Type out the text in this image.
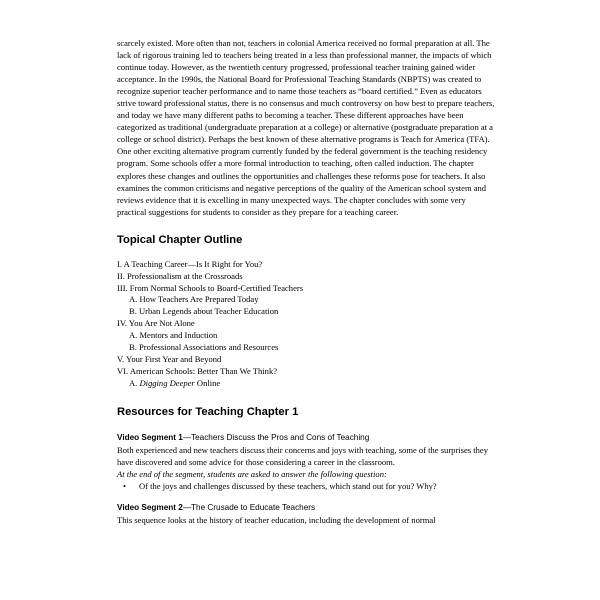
scarcely existed. More often than not, teachers in colonial America received no formal preparation at all. The lack of rigorous training led to teachers being treated in a less than professional manner, the impacts of which continue today. However, as the twentieth century progressed, professional teacher training gained wider acceptance. In the 1990s, the National Board for Professional Teaching Standards (NBPTS) was created to recognize superior teacher performance and to name those teachers as “board certified.” Even as educators strive toward professional status, there is no consensus and much controversy on how best to prepare teachers, and today we have many different paths to becoming a teacher. These different approaches have been categorized as traditional (undergraduate preparation at a college) or alternative (postgraduate preparation at a college or school district). Perhaps the best known of these alternative programs is Teach for America (TFA). One other exciting alternative program currently funded by the federal government is the teaching residency program. Some schools offer a more formal introduction to teaching, often called induction. The chapter explores these changes and outlines the opportunities and challenges these reforms pose for teachers. It also examines the common criticisms and negative perceptions of the quality of the American school system and reviews evidence that it is excelling in many unexpected ways. The chapter concludes with some very practical suggestions for students to consider as they prepare for a teaching career.

Topical Chapter Outline
I. A Teaching Career—Is It Right for You?
II. Professionalism at the Crossroads
III. From Normal Schools to Board-Certified Teachers
A. How Teachers Are Prepared Today
B. Urban Legends about Teacher Education
IV. You Are Not Alone
A. Mentors and Induction
B. Professional Associations and Resources
V. Your First Year and Beyond
VI. American Schools: Better Than We Think?
A. Digging Deeper Online
Resources for Teaching Chapter 1

Video Segment 1—Teachers Discuss the Pros and Cons of Teaching

Both experienced and new teachers discuss their concerns and joys with teaching, some of the surprises they have discovered and some advice for those considering a career in the classroom.

At the end of the segment, students are asked to answer the following question:

•	Of the joys and challenges discussed by these teachers, which stand out for you? Why?

Video Segment 2—The Crusade to Educate Teachers

This sequence looks at the history of teacher education, including the development of normal
